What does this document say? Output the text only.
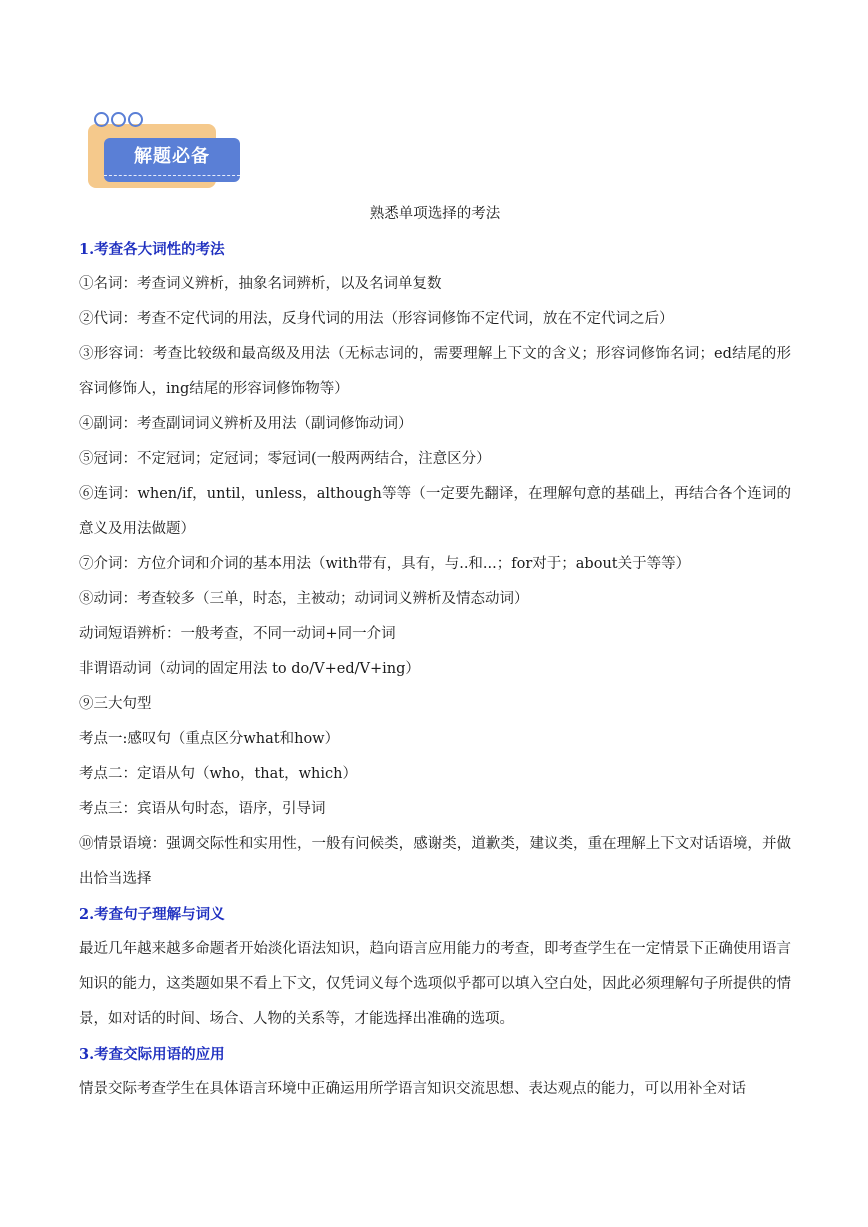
解题必备
熟悉单项选择的考法
1.考查各大词性的考法
①名词：考查词义辨析，抽象名词辨析，以及名词单复数
②代词：考查不定代词的用法，反身代词的用法（形容词修饰不定代词，放在不定代词之后）
③形容词：考查比较级和最高级及用法（无标志词的，需要理解上下文的含义；形容词修饰名词；ed结尾的形容词修饰人，ing结尾的形容词修饰物等）
④副词：考查副词词义辨析及用法（副词修饰动词）
⑤冠词：不定冠词；定冠词；零冠词(一般两两结合，注意区分）
⑥连词：when/if，until，unless，although等等（一定要先翻译，在理解句意的基础上，再结合各个连词的意义及用法做题）
⑦介词：方位介词和介词的基本用法（with带有，具有，与..和...；for对于；about关于等等）
⑧动词：考查较多（三单，时态，主被动；动词词义辨析及情态动词）
动词短语辨析：一般考查，不同一动词+同一介词
非谓语动词（动词的固定用法 to do/V+ed/V+ing）
⑨三大句型
考点一:感叹句（重点区分what和how）
考点二：定语从句（who，that，which）
考点三：宾语从句时态，语序，引导词
⑩情景语境：强调交际性和实用性，一般有问候类，感谢类，道歉类，建议类，重在理解上下文对话语境，并做出恰当选择
2.考查句子理解与词义
最近几年越来越多命题者开始淡化语法知识，趋向语言应用能力的考查，即考查学生在一定情景下正确使用语言知识的能力，这类题如果不看上下文，仅凭词义每个选项似乎都可以填入空白处，因此必须理解句子所提供的情景，如对话的时间、场合、人物的关系等，才能选择出准确的选项。
3.考查交际用语的应用
情景交际考查学生在具体语言环境中正确运用所学语言知识交流思想、表达观点的能力，可以用补全对话
